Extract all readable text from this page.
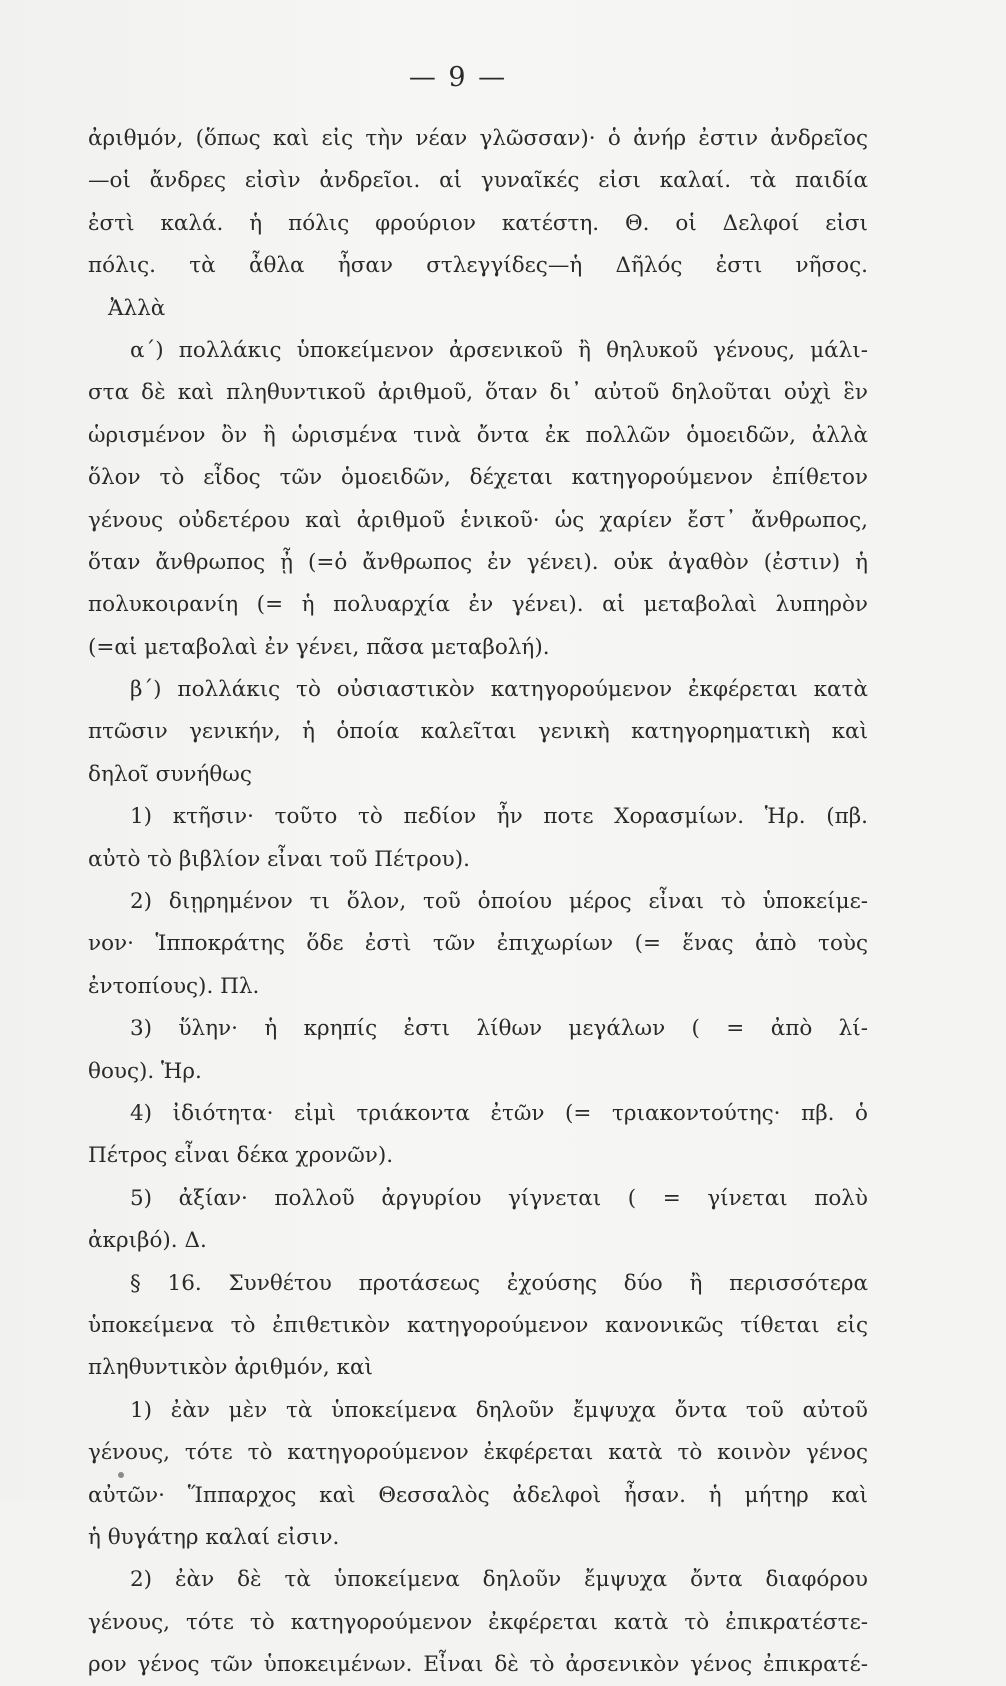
— 9 —
ἀριθμόν, (ὅπως καὶ εἰς τὴν νέαν γλῶσσαν)· ὁ ἀνήρ ἐστιν ἀνδρεῖος
—οἱ ἄνδρες εἰσὶν ἀνδρεῖοι. αἱ γυναῖκές εἰσι καλαί. τὰ παιδία
ἐστὶ καλά. ἡ πόλις φρούριον κατέστη. Θ. οἱ Δελφοί εἰσι
πόλις. τὰ ἆθλα ἦσαν στλεγγίδες—ἡ Δῆλός ἐστι νῆσος.
Ἀλλὰ
α΄) πολλάκις ὑποκείμενον ἀρσενικοῦ ἢ θηλυκοῦ γένους, μάλι-
στα δὲ καὶ πληθυντικοῦ ἀριθμοῦ, ὅταν δι᾿ αὐτοῦ δηλοῦται οὐχὶ ἓν
ὡρισμένον ὂν ἢ ὡρισμένα τινὰ ὄντα ἐκ πολλῶν ὁμοειδῶν, ἀλλὰ
ὅλον τὸ εἶδος τῶν ὁμοειδῶν, δέχεται κατηγορούμενον ἐπίθετον
γένους οὐδετέρου καὶ ἀριθμοῦ ἑνικοῦ· ὡς χαρίεν ἔστ᾿ ἄνθρωπος,
ὅταν ἄνθρωπος ᾖ (=ὁ ἄνθρωπος ἐν γένει). οὐκ ἀγαθὸν (ἐστιν) ἡ
πολυκοιρανίη (= ἡ πολυαρχία ἐν γένει). αἱ μεταβολαὶ λυπηρὸν
(=αἱ μεταβολαὶ ἐν γένει, πᾶσα μεταβολή).
β΄) πολλάκις τὸ οὐσιαστικὸν κατηγορούμενον ἐκφέρεται κατὰ
πτῶσιν γενικήν, ἡ ὁποία καλεῖται γενικὴ κατηγορηματικὴ καὶ
δηλοῖ συνήθως
1) κτῆσιν· τοῦτο τὸ πεδίον ἦν ποτε Χορασμίων. Ἡρ. (πβ.
αὐτὸ τὸ βιβλίον εἶναι τοῦ Πέτρου).
2) διῃρημένον τι ὅλον, τοῦ ὁποίου μέρος εἶναι τὸ ὑποκείμε-
νον· Ἱπποκράτης ὅδε ἐστὶ τῶν ἐπιχωρίων (= ἕνας ἀπὸ τοὺς
ἐντοπίους). Πλ.
3) ὕλην· ἡ κρηπίς ἐστι λίθων μεγάλων ( = ἀπὸ λί-
θους). Ἡρ.
4) ἰδιότητα· εἰμὶ τριάκοντα ἐτῶν (= τριακοντούτης· πβ. ὁ
Πέτρος εἶναι δέκα χρονῶν).
5) ἀξίαν· πολλοῦ ἀργυρίου γίγνεται ( = γίνεται πολὺ
ἀκριβό). Δ.
§ 16. Συνθέτου προτάσεως ἐχούσης δύο ἢ περισσότερα
ὑποκείμενα τὸ ἐπιθετικὸν κατηγορούμενον κανονικῶς τίθεται εἰς
πληθυντικὸν ἀριθμόν, καὶ
1) ἐὰν μὲν τὰ ὑποκείμενα δηλοῦν ἔμψυχα ὄντα τοῦ αὐτοῦ
γένους, τότε τὸ κατηγορούμενον ἐκφέρεται κατὰ τὸ κοινὸν γένος
αὐτῶν· Ἵππαρχος καὶ Θεσσαλὸς ἀδελφοὶ ἦσαν. ἡ μήτηρ καὶ
ἡ θυγάτηρ καλαί εἰσιν.
2) ἐὰν δὲ τὰ ὑποκείμενα δηλοῦν ἔμψυχα ὄντα διαφόρου
γένους, τότε τὸ κατηγορούμενον ἐκφέρεται κατὰ τὸ ἐπικρατέστε-
ρον γένος τῶν ὑποκειμένων. Εἶναι δὲ τὸ ἀρσενικὸν γένος ἐπικρατέ-
